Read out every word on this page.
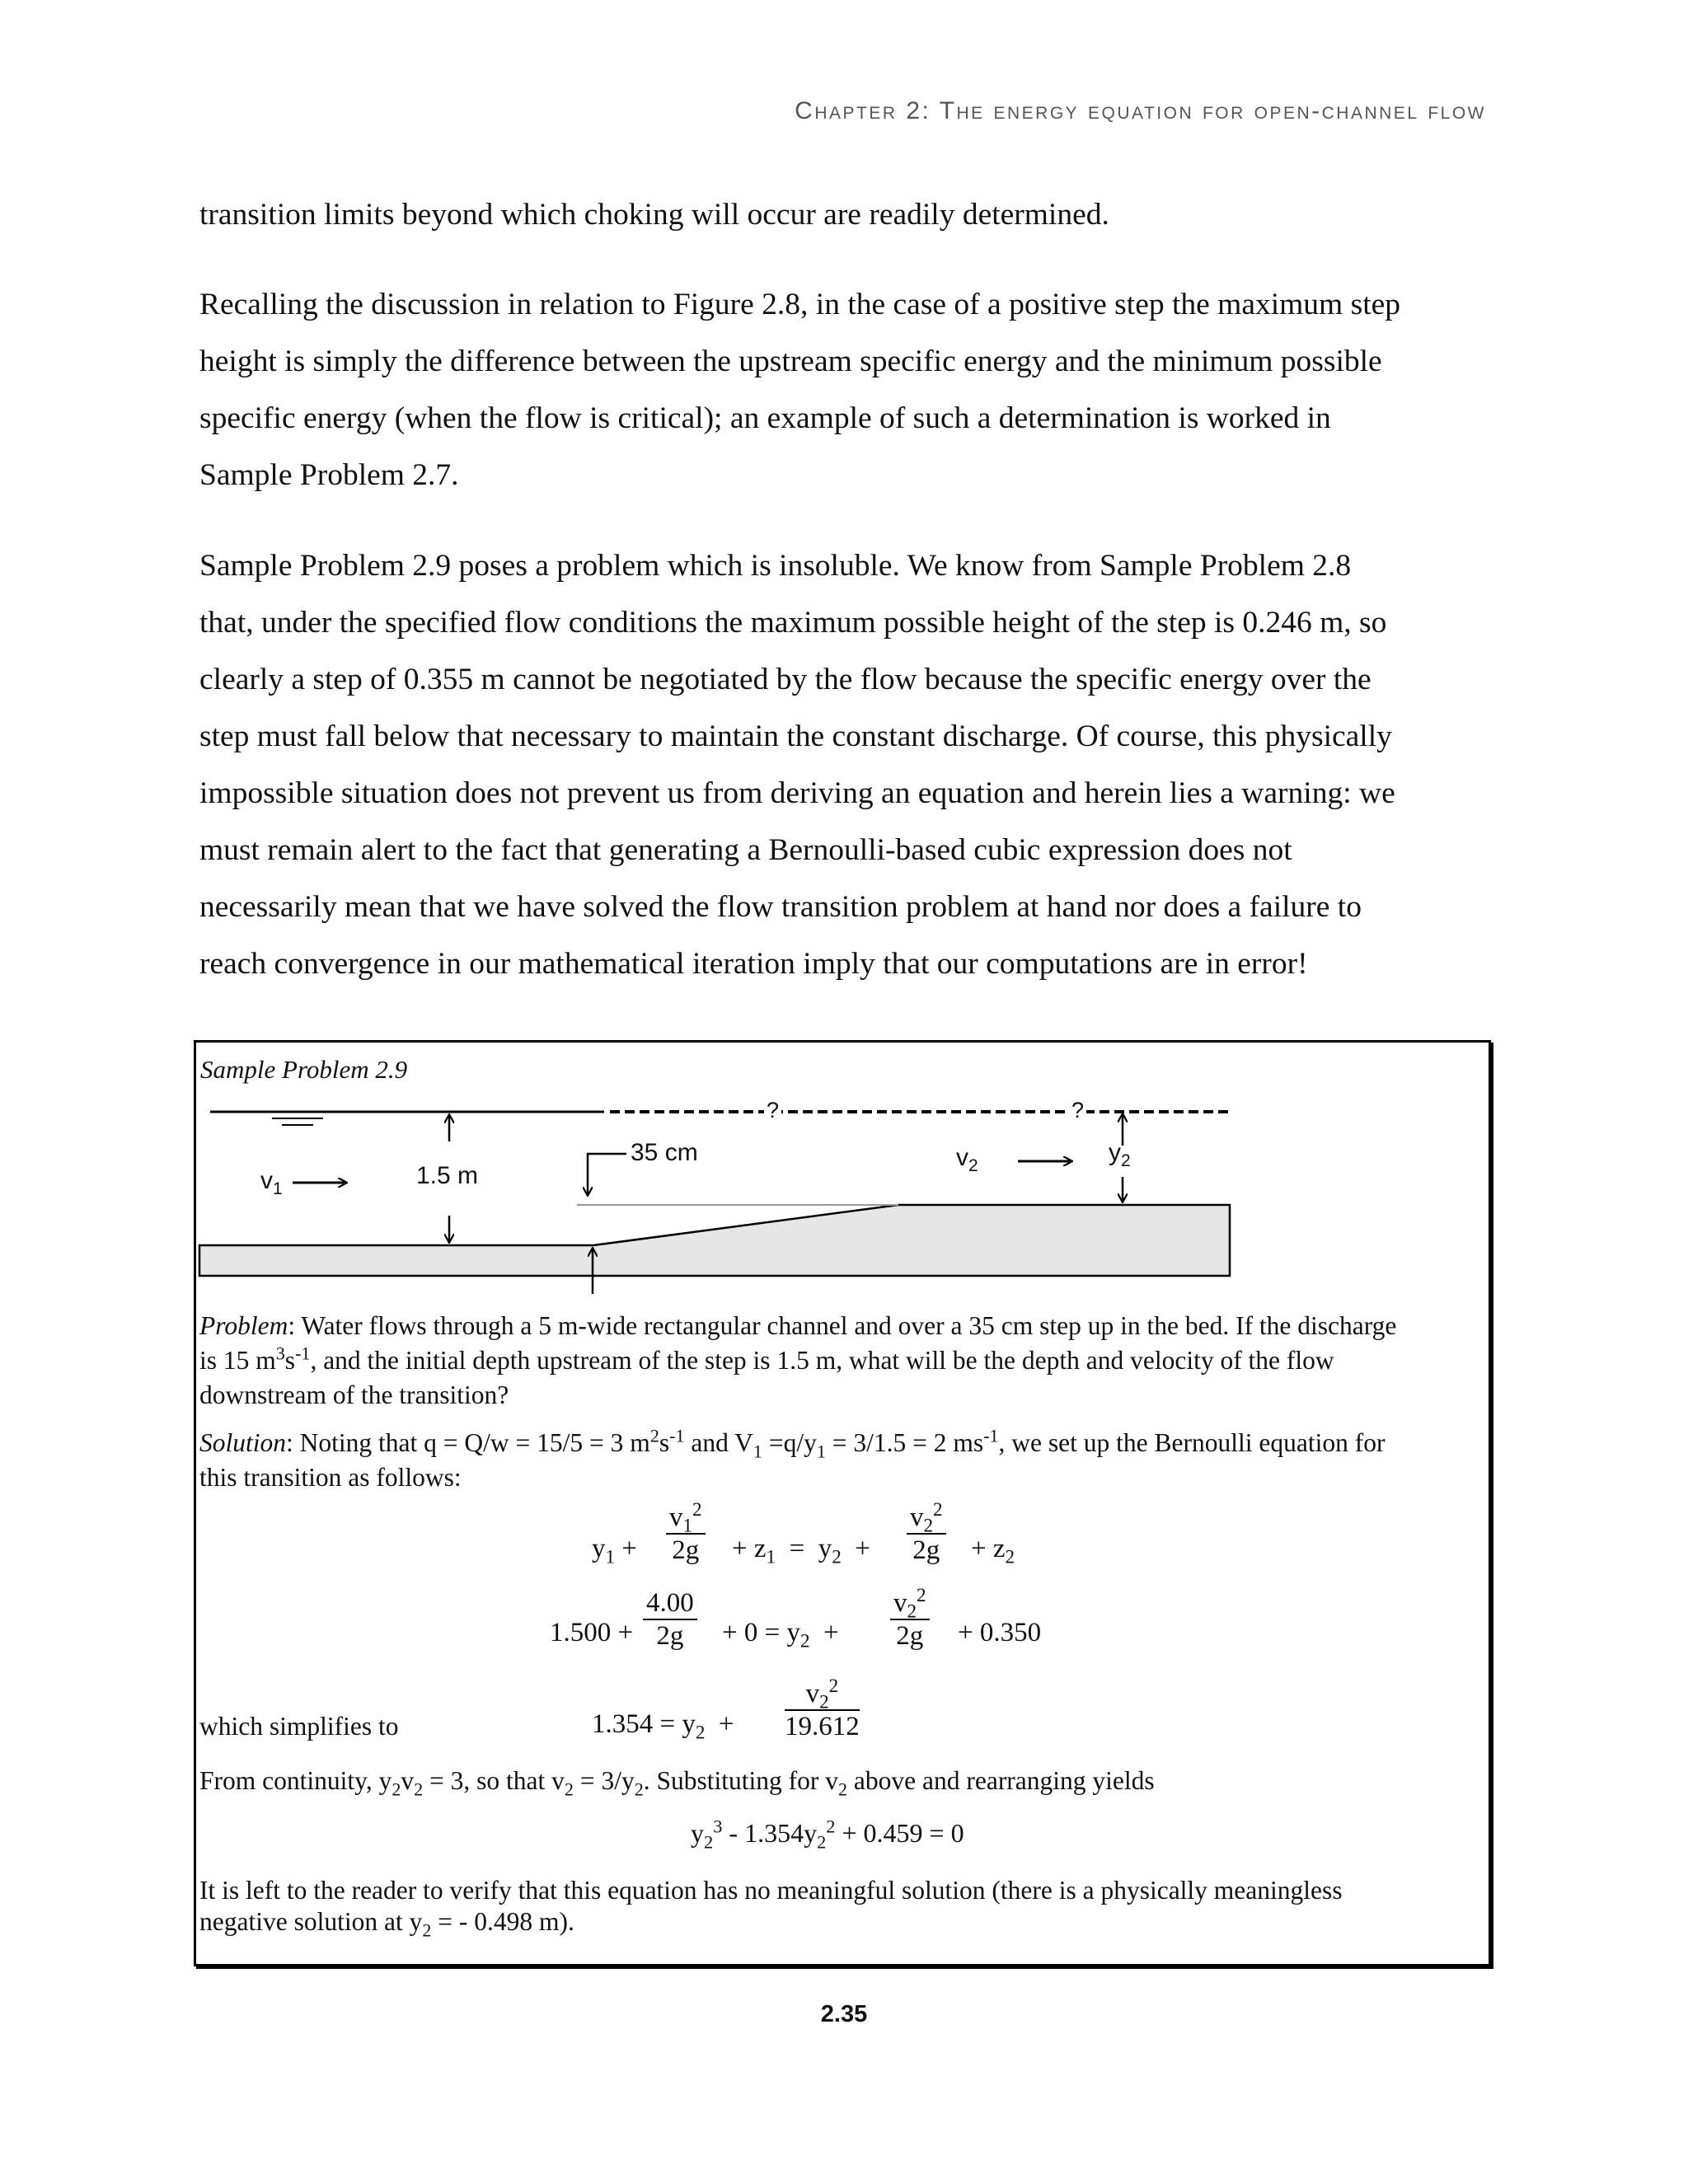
Chapter 2: The energy equation for open-channel flow
transition limits beyond which choking will occur are readily determined.
Recalling the discussion in relation to Figure 2.8, in the case of a positive step the maximum step
height is simply the difference between the upstream specific energy and the minimum possible
specific energy (when the flow is critical); an example of such a determination is worked in
Sample Problem 2.7.
Sample Problem 2.9 poses a problem which is insoluble. We know from Sample Problem 2.8
that, under the specified flow conditions the maximum possible height of the step is 0.246 m, so
clearly a step of 0.355 m cannot be negotiated by the flow because the specific energy over the
step must fall below that necessary to maintain the constant discharge. Of course, this physically
impossible situation does not prevent us from deriving an equation and herein lies a warning: we
must remain alert to the fact that generating a Bernoulli-based cubic expression does not
necessarily mean that we have solved the flow transition problem at hand nor does a failure to
reach convergence in our mathematical iteration imply that our computations are in error!
Sample Problem 2.9
$v_1$	1.5 m
35 cm	$v_2$	$y_2$
?	?
Problem: Water flows through a 5 m-wide rectangular channel and over a 35 cm step up in the bed. If the discharge
is 15 $m^3s^{-1}$, and the initial depth upstream of the step is 1.5 m, what will be the depth and velocity of the flow
downstream of the transition?
Solution: Noting that q = Q/w = 15/5 = 3 $m^2s^{-1}$ and $V_1 =q/y_1 = 3/1.5 = 2$ $ms^{-1}$, we set up the Bernoulli equation for
this transition as follows:
$y_1 + \frac{v_1^2}{2g} + z_1 = y_2 + \frac{v_2^2}{2g} + z_2$
$1.500 + \frac{4.00}{2g} + 0 = y_2 + \frac{v_2^2}{2g} + 0.350$
which simplifies to	$1.354 = y_2 + \frac{v_2^2}{19.612}$
From continuity, $y_2v_2 = 3$, so that $v_2 = 3/y_2$. Substituting for $v_2$ above and rearranging yields
$y_2^3 - 1.354y_2^2 + 0.459 = 0$
It is left to the reader to verify that this equation has no meaningful solution (there is a physically meaningless
negative solution at $y_2$ = - 0.498 m).
2.35
